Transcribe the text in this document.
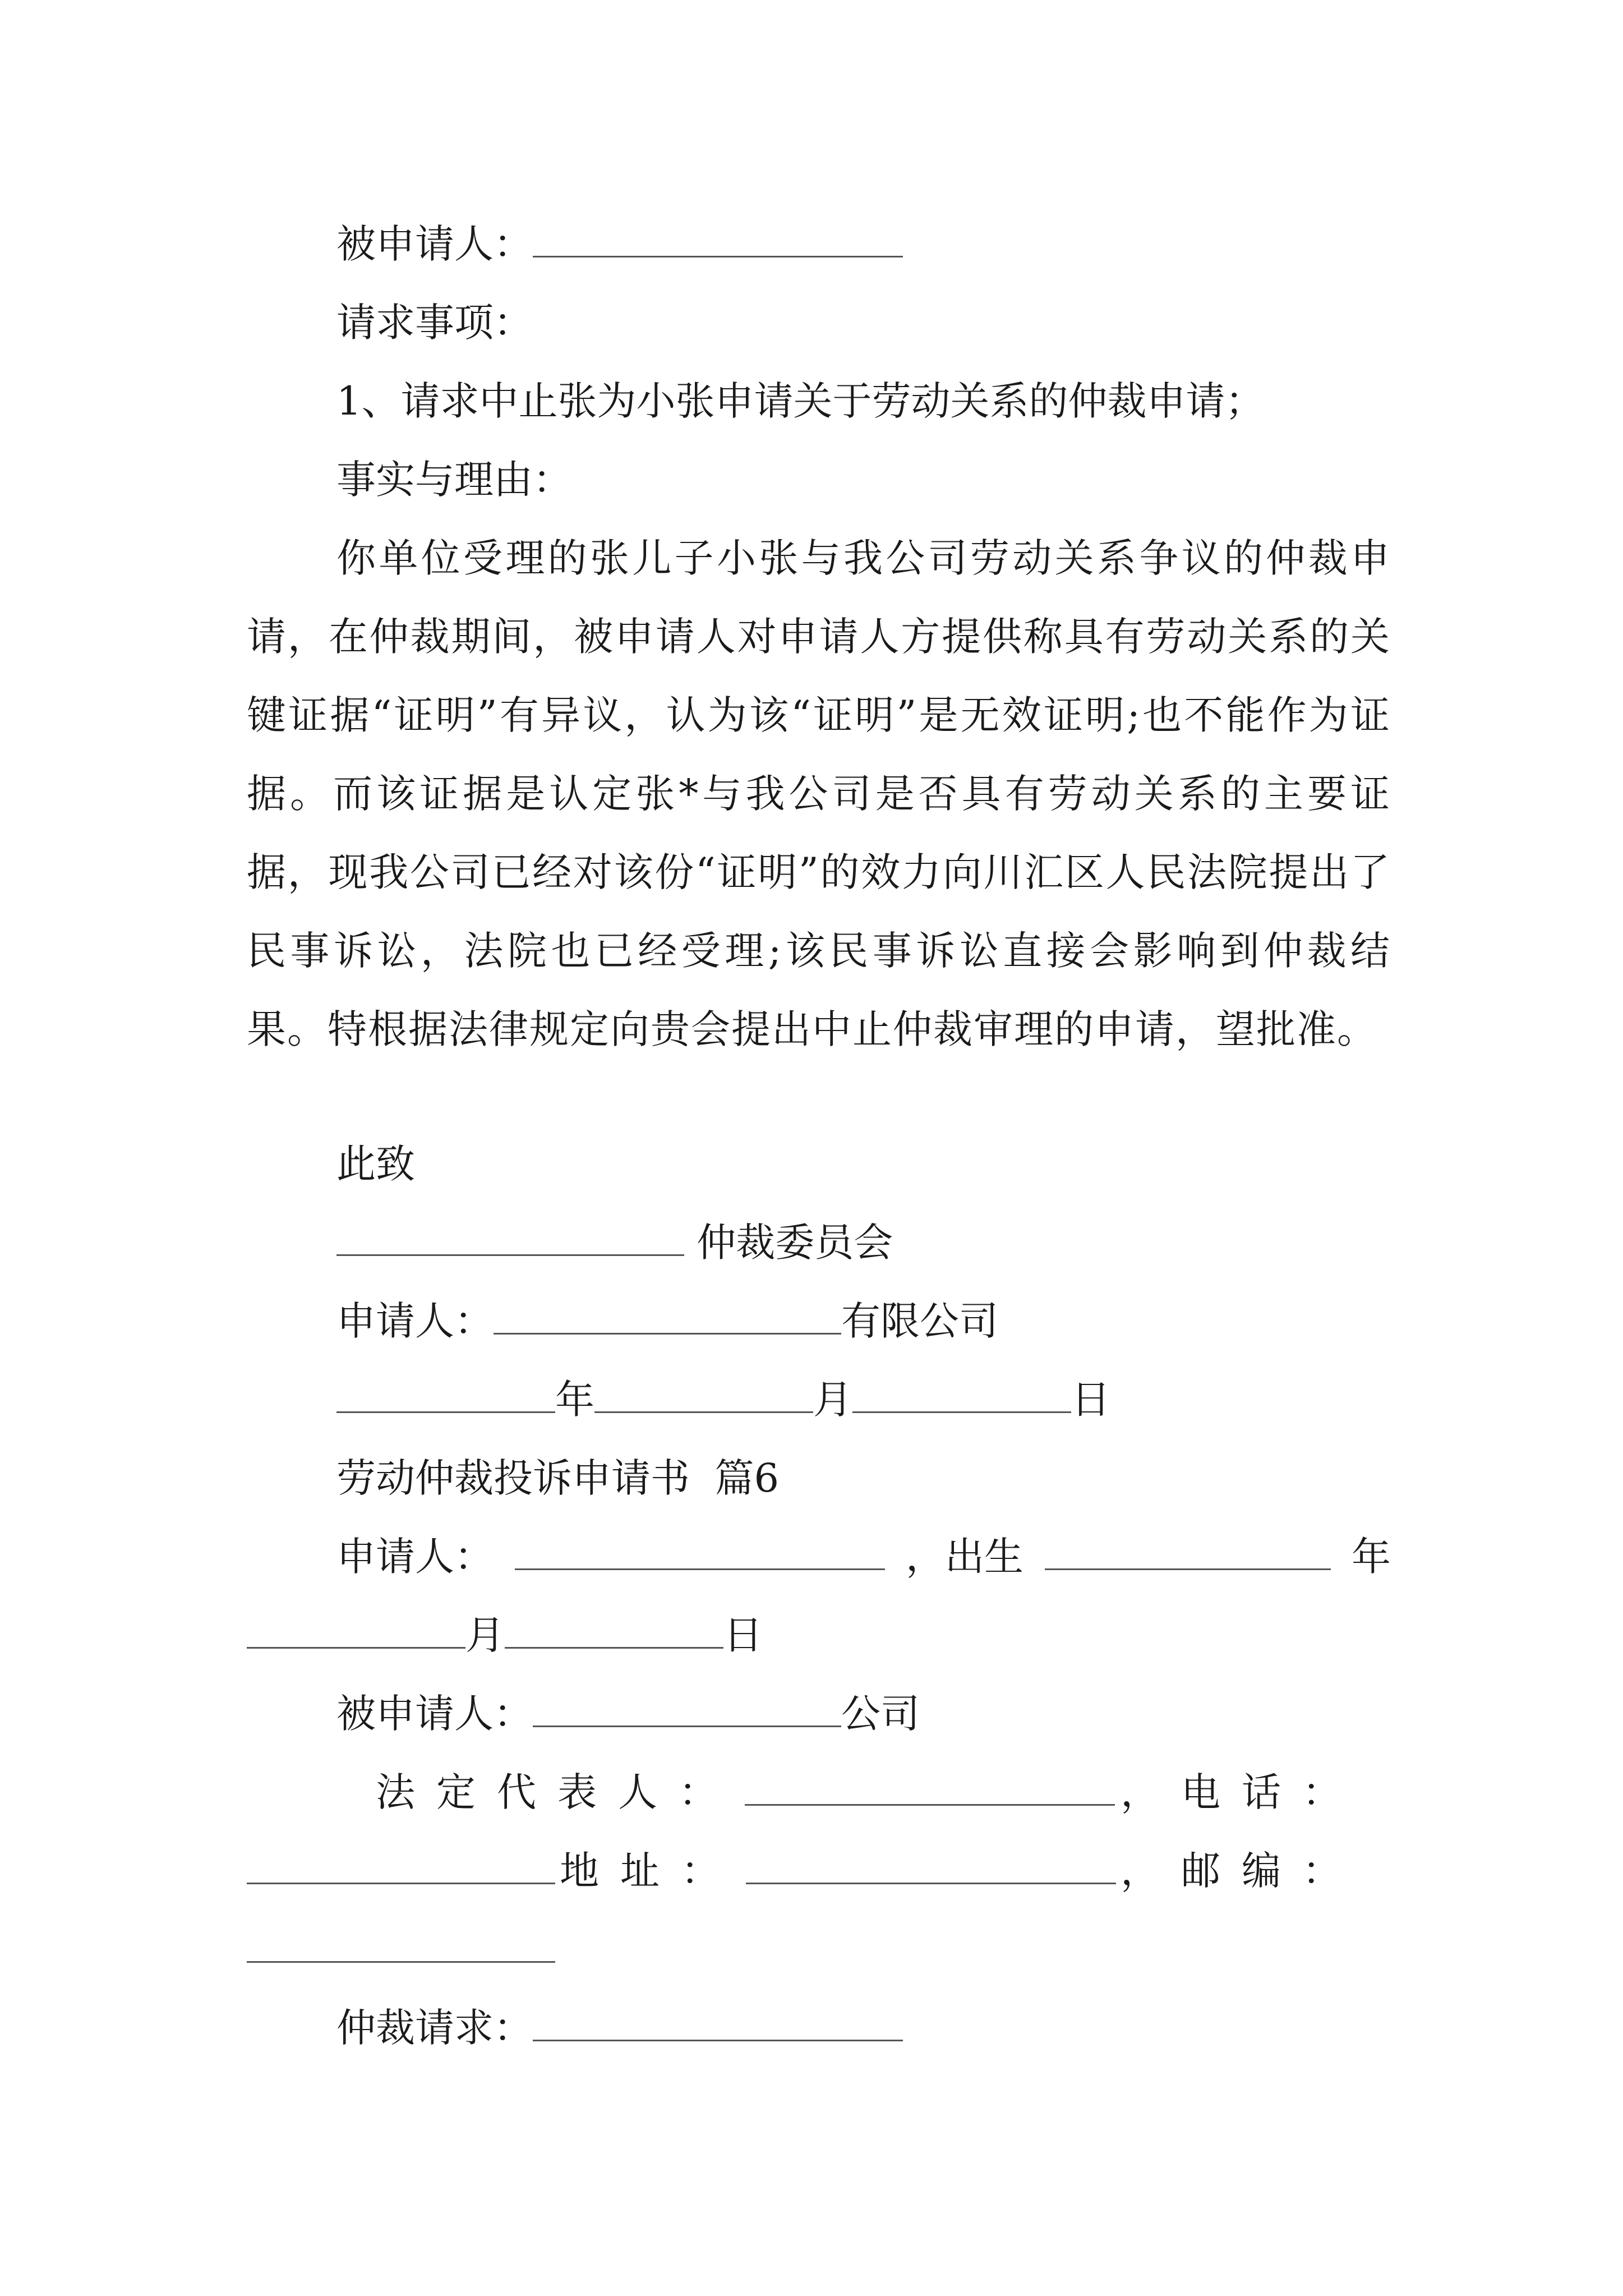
被申请人：
请求事项：
1、请求中止张为小张申请关于劳动关系的仲裁申请；
事实与理由：
你单位受理的张儿子小张与我公司劳动关系争议的仲裁申请，在仲裁期间，被申请人对申请人方提供称具有劳动关系的关键证据“证明”有异议，认为该“证明”是无效证明;也不能作为证据。而该证据是认定张*与我公司是否具有劳动关系的主要证据，现我公司已经对该份“证明”的效力向川汇区人民法院提出了民事诉讼，法院也已经受理;该民事诉讼直接会影响到仲裁结果。特根据法律规定向贵会提出中止仲裁审理的申请，望批准。
此致
仲裁委员会
申请人：	有限公司
年	月	日
劳动仲裁投诉申请书  篇6
申请人：	，出生	年
月	日
被申请人：	公司
法定代表人：	，电话：
地址：	，邮编：
仲裁请求：
